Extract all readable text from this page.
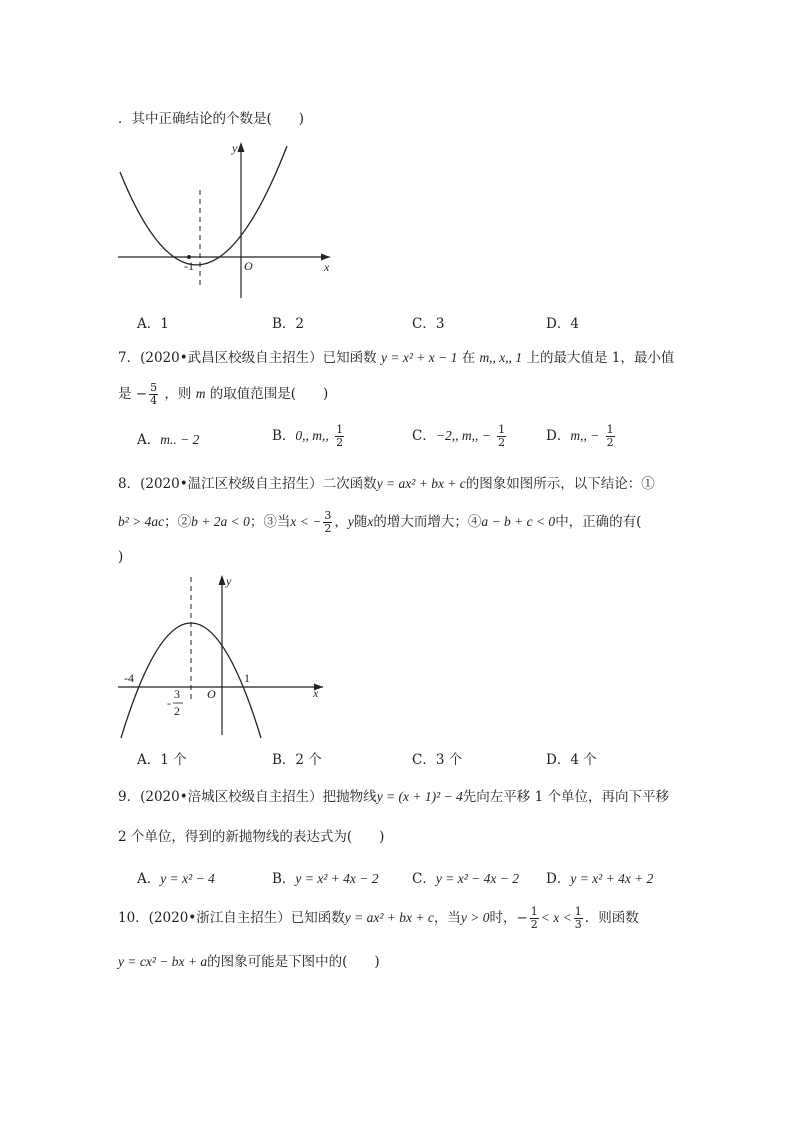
．其中正确结论的个数是(　　)
y
x
O
-1
A．1	B．2	C．3	D．4
7．(2020•武昌区校级自主招生）已知函数 y = x² + x − 1 在 m,, x,, 1 上的最大值是 1，最小值
是 − $\frac{5}{4}$ ，则 m 的取值范围是(　　)
A．m.. − 2	B．0,, m,, $\frac{1}{2}$	C．−2,, m,, − $\frac{1}{2}$	D．m,, − $\frac{1}{2}$
8．(2020•温江区校级自主招生）二次函数y = ax² + bx + c的图象如图所示，以下结论：①
b² > 4ac；②b + 2a < 0；③当x < − $\frac{3}{2}$ ，y随x的增大而增大；④a − b + c < 0中，正确的有(
)
y
x
O
-4	1
3
2
-
A．1 个	B．2 个	C．3 个	D．4 个
9．(2020•涪城区校级自主招生）把抛物线y = (x + 1)² − 4先向左平移 1 个单位，再向下平移
2 个单位，得到的新抛物线的表达式为(　　)
A．y = x² − 4	B．y = x² + 4x − 2 C．y = x² − 4x − 2 D．y = x² + 4x + 2
10．(2020•浙江自主招生）已知函数y = ax² + bx + c，当y > 0时，− $\frac{1}{2} < x < \frac{1}{3}$ ．则函数
y = cx² − bx + a的图象可能是下图中的(　　)
